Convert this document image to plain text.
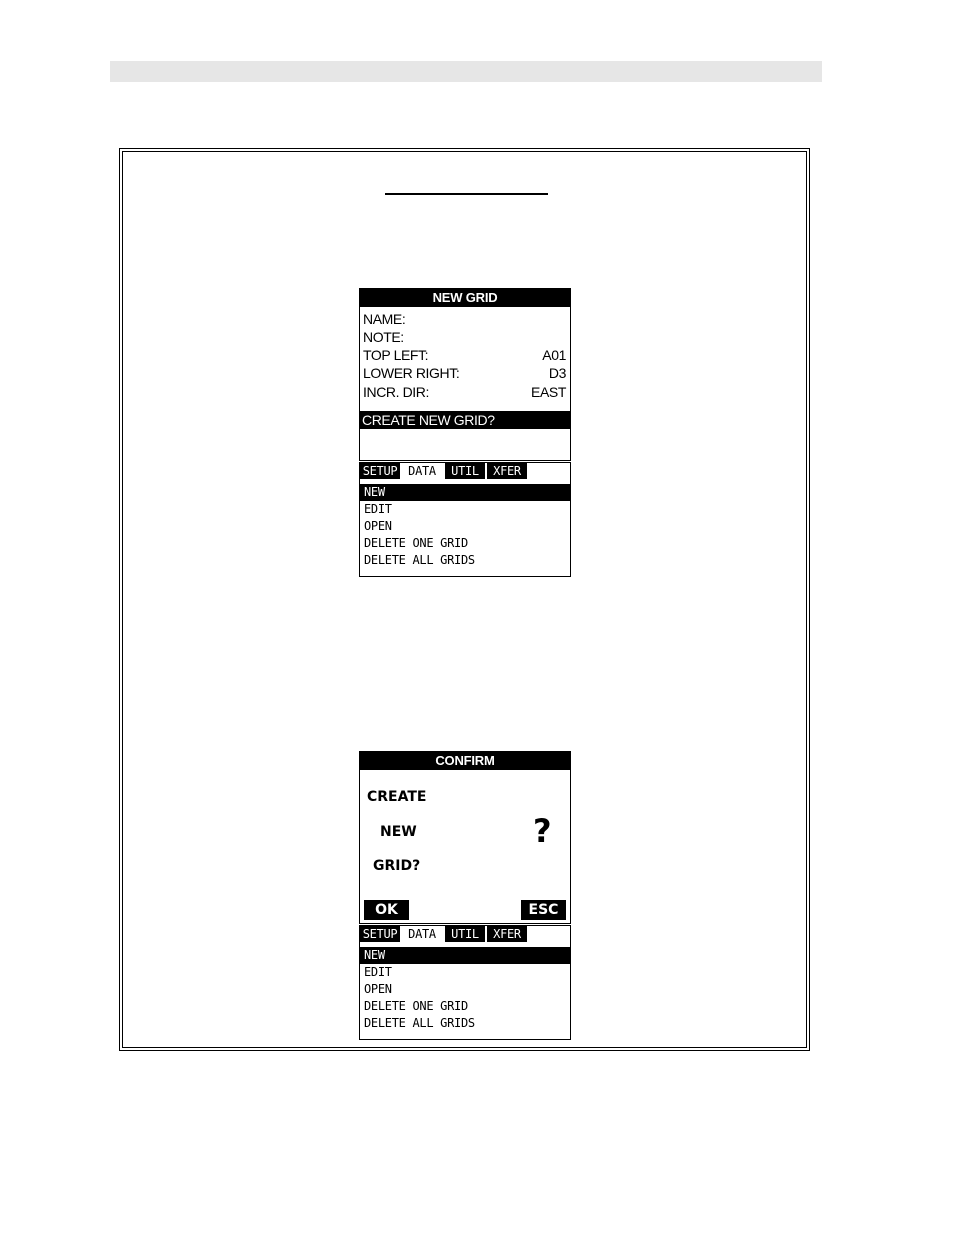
NEW GRID
NAME:
NOTE:
TOP LEFT:	A01
LOWER RIGHT:	D3
INCR. DIR:	EAST
CREATE NEW GRID?
SETUP DATA	UTIL	XFER
NEW
EDIT
OPEN
DELETE ONE GRID
DELETE ALL GRIDS
CONFIRM
CREATE
NEW
GRID?
?
OK	ESC
SETUP DATA	UTIL	XFER
NEW
EDIT
OPEN
DELETE ONE GRID
DELETE ALL GRIDS
